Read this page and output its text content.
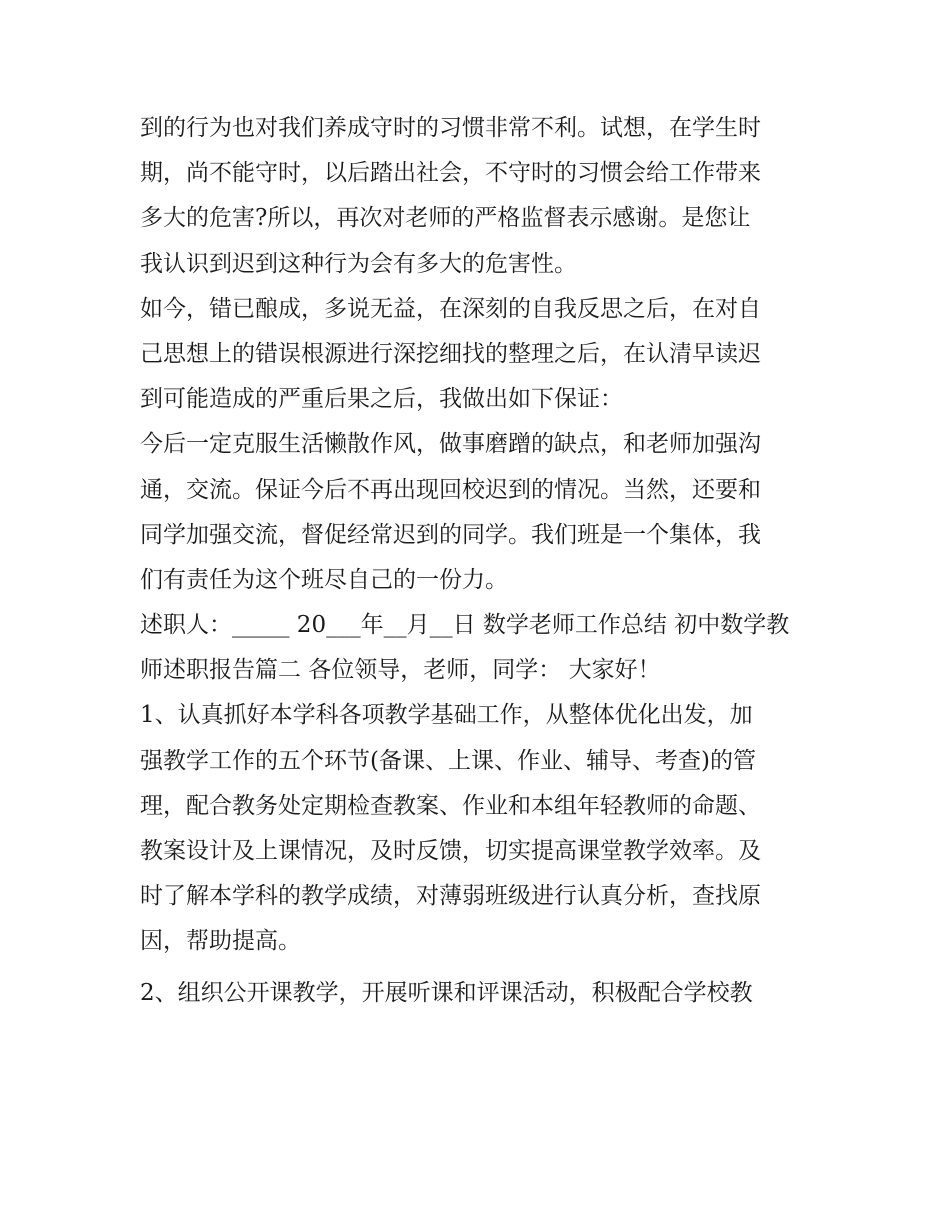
到的行为也对我们养成守时的习惯非常不利。试想，在学生时
期，尚不能守时，以后踏出社会，不守时的习惯会给工作带来
多大的危害?所以，再次对老师的严格监督表示感谢。是您让
我认识到迟到这种行为会有多大的危害性。
如今，错已酿成，多说无益，在深刻的自我反思之后，在对自
己思想上的错误根源进行深挖细找的整理之后，在认清早读迟
到可能造成的严重后果之后，我做出如下保证：
今后一定克服生活懒散作风，做事磨蹭的缺点，和老师加强沟
通，交流。保证今后不再出现回校迟到的情况。当然，还要和
同学加强交流，督促经常迟到的同学。我们班是一个集体，我
们有责任为这个班尽自己的一份力。
述职人：_____ 20___年__月__日 数学老师工作总结 初中数学教
师述职报告篇二 各位领导，老师，同学： 大家好！
1、认真抓好本学科各项教学基础工作，从整体优化出发，加
强教学工作的五个环节(备课、上课、作业、辅导、考查)的管
理，配合教务处定期检查教案、作业和本组年轻教师的命题、
教案设计及上课情况，及时反馈，切实提高课堂教学效率。及
时了解本学科的教学成绩，对薄弱班级进行认真分析，查找原
因，帮助提高。
2、组织公开课教学，开展听课和评课活动，积极配合学校教
